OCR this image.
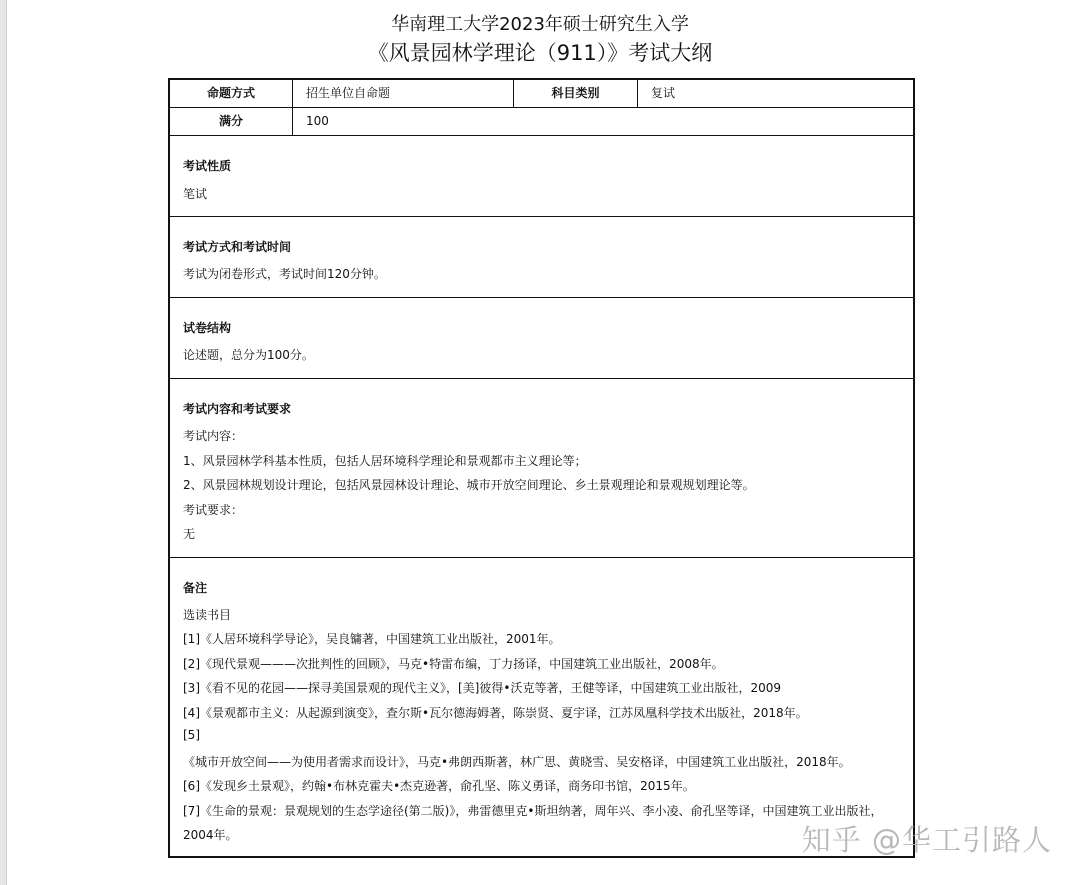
华南理工大学2023年硕士研究生入学
《风景园林学理论（911）》考试大纲
命题方式	招生单位自命题	科目类别	复试
满分	100
考试性质
笔试
考试方式和考试时间
考试为闭卷形式，考试时间120分钟。
试卷结构
论述题，总分为100分。
考试内容和考试要求
考试内容：
1、风景园林学科基本性质，包括人居环境科学理论和景观都市主义理论等；
2、风景园林规划设计理论，包括风景园林设计理论、城市开放空间理论、乡土景观理论和景观规划理论等。
考试要求：
无
备注
选读书目
[1]《人居环境科学导论》，吴良镛著，中国建筑工业出版社，2001年。
[2]《现代景观———次批判性的回顾》，马克•特雷布编，丁力扬译，中国建筑工业出版社，2008年。
[3]《看不见的花园——探寻美国景观的现代主义》，[美]彼得•沃克等著，王健等译，中国建筑工业出版社，2009
[4]《景观都市主义：从起源到演变》，查尔斯•瓦尔德海姆著，陈崇贤、夏宇译，江苏凤凰科学技术出版社，2018年。
[5]
《城市开放空间——为使用者需求而设计》，马克•弗朗西斯著，林广思、黄晓雪、吴安格译，中国建筑工业出版社，2018年。
[6]《发现乡土景观》，约翰•布林克霍夫•杰克逊著，俞孔坚、陈义勇译，商务印书馆，2015年。
[7]《生命的景观：景观规划的生态学途径(第二版)》，弗雷德里克•斯坦纳著，周年兴、李小凌、俞孔坚等译，中国建筑工业出版社，
2004年。	知乎 @华工引路人
